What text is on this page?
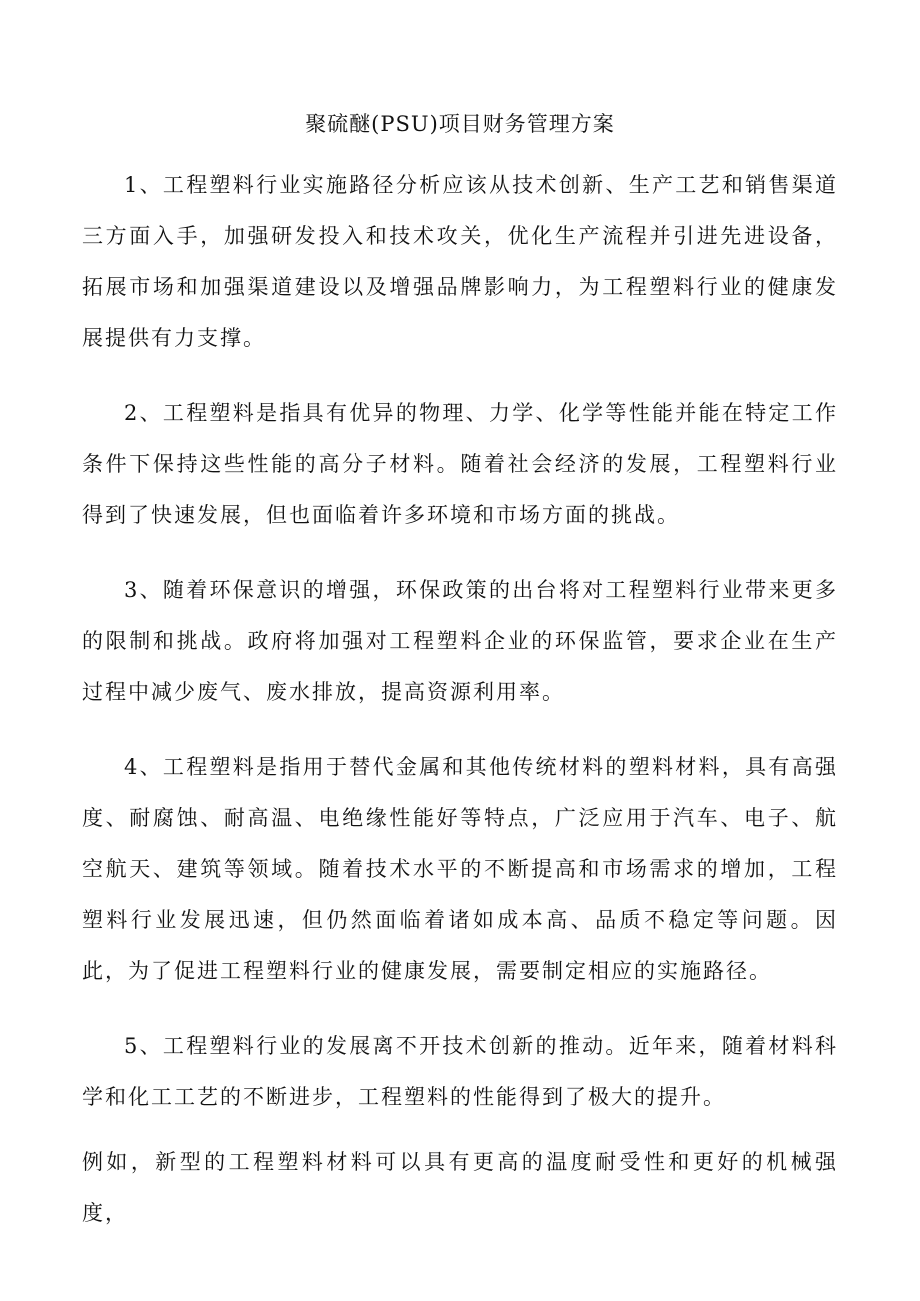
聚硫醚(PSU)项目财务管理方案

1、工程塑料行业实施路径分析应该从技术创新、生产工艺和销售渠道三方面入手，加强研发投入和技术攻关，优化生产流程并引进先进设备，拓展市场和加强渠道建设以及增强品牌影响力，为工程塑料行业的健康发展提供有力支撑。

2、工程塑料是指具有优异的物理、力学、化学等性能并能在特定工作条件下保持这些性能的高分子材料。随着社会经济的发展，工程塑料行业得到了快速发展，但也面临着许多环境和市场方面的挑战。

3、随着环保意识的增强，环保政策的出台将对工程塑料行业带来更多的限制和挑战。政府将加强对工程塑料企业的环保监管，要求企业在生产过程中减少废气、废水排放，提高资源利用率。

4、工程塑料是指用于替代金属和其他传统材料的塑料材料，具有高强度、耐腐蚀、耐高温、电绝缘性能好等特点，广泛应用于汽车、电子、航空航天、建筑等领域。随着技术水平的不断提高和市场需求的增加，工程塑料行业发展迅速，但仍然面临着诸如成本高、品质不稳定等问题。因此，为了促进工程塑料行业的健康发展，需要制定相应的实施路径。

5、工程塑料行业的发展离不开技术创新的推动。近年来，随着材料科学和化工工艺的不断进步，工程塑料的性能得到了极大的提升。

例如，新型的工程塑料材料可以具有更高的温度耐受性和更好的机械强度，
